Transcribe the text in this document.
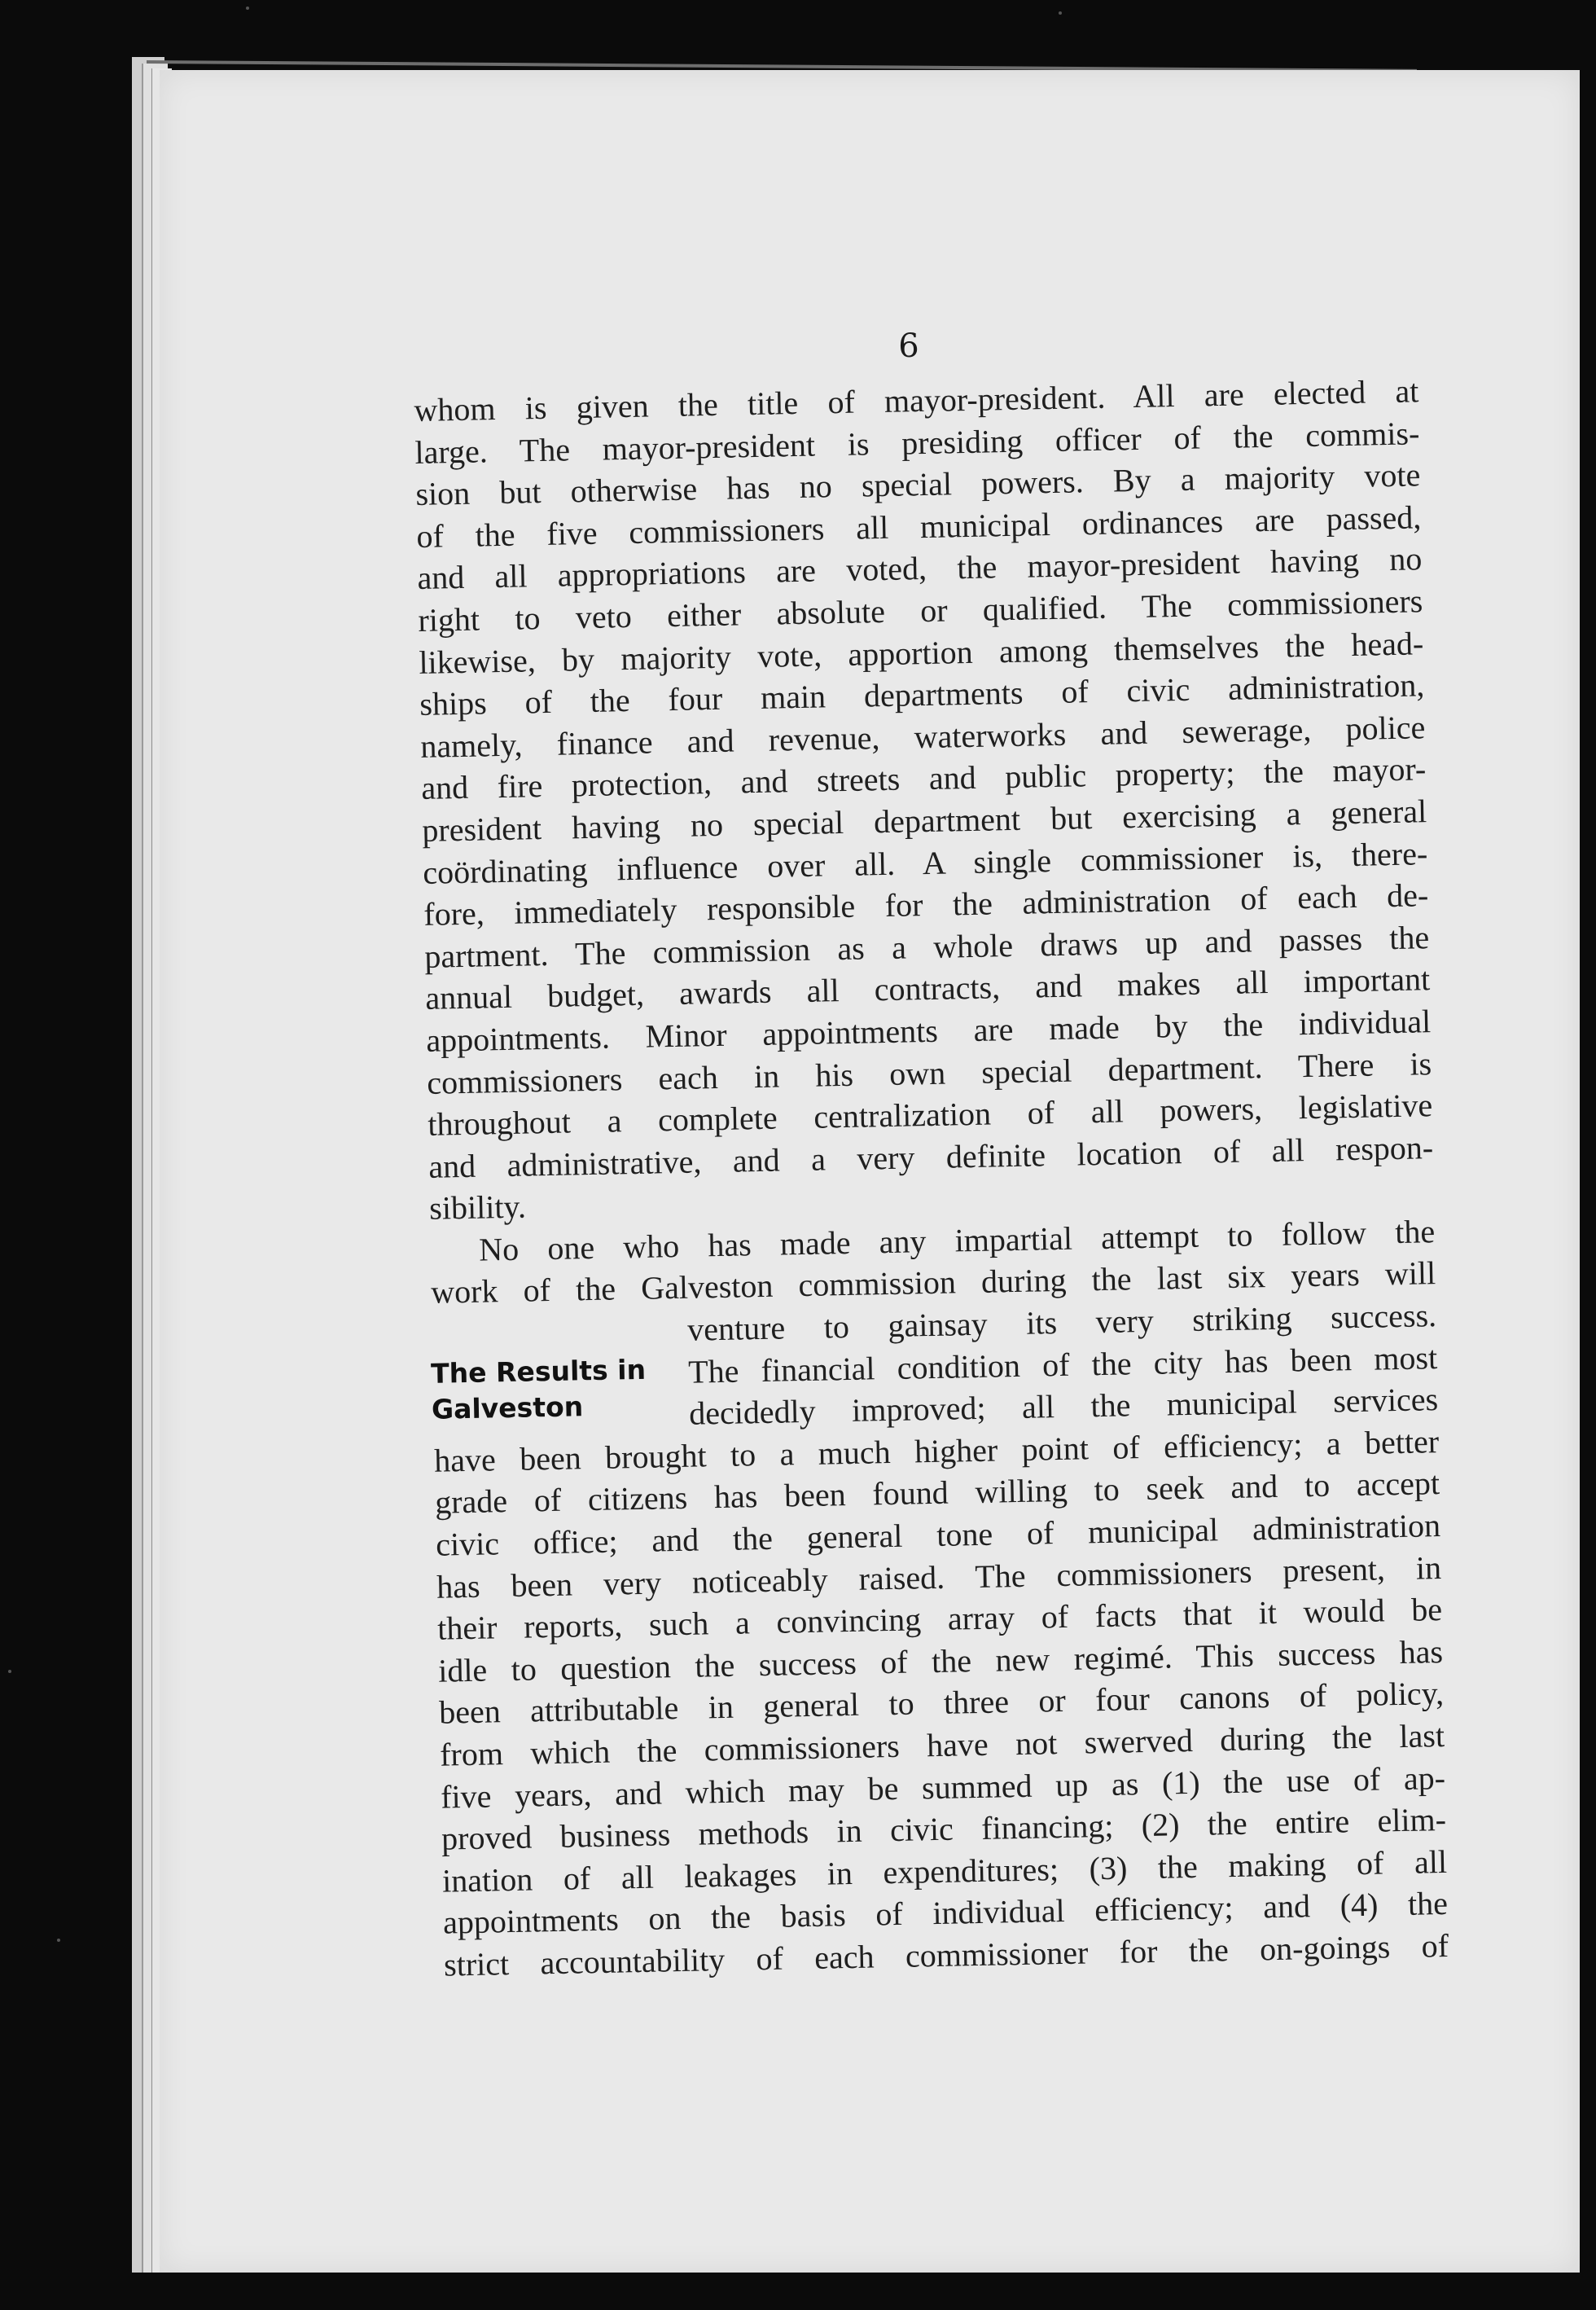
6
whom is given the title of mayor-president. All are elected at
large. The mayor-president is presiding officer of the commis-
sion but otherwise has no special powers. By a majority vote
of the five commissioners all municipal ordinances are passed,
and all appropriations are voted, the mayor-president having no
right to veto either absolute or qualified. The commissioners
likewise, by majority vote, apportion among themselves the head-
ships of the four main departments of civic administration,
namely, finance and revenue, waterworks and sewerage, police
and fire protection, and streets and public property; the mayor-
president having no special department but exercising a general
coördinating influence over all. A single commissioner is, there-
fore, immediately responsible for the administration of each de-
partment. The commission as a whole draws up and passes the
annual budget, awards all contracts, and makes all important
appointments. Minor appointments are made by the individual
commissioners each in his own special department. There is
throughout a complete centralization of all powers, legislative
and administrative, and a very definite location of all respon-
sibility.
No one who has made any impartial attempt to follow the
work of the Galveston commission during the last six years will
The Results in
Galveston
venture to gainsay its very striking success.
The financial condition of the city has been most
decidedly improved; all the municipal services
have been brought to a much higher point of efficiency; a better
grade of citizens has been found willing to seek and to accept
civic office; and the general tone of municipal administration
has been very noticeably raised. The commissioners present, in
their reports, such a convincing array of facts that it would be
idle to question the success of the new regimé. This success has
been attributable in general to three or four canons of policy,
from which the commissioners have not swerved during the last
five years, and which may be summed up as (1) the use of ap-
proved business methods in civic financing; (2) the entire elim-
ination of all leakages in expenditures; (3) the making of all
appointments on the basis of individual efficiency; and (4) the
strict accountability of each commissioner for the on-goings of
